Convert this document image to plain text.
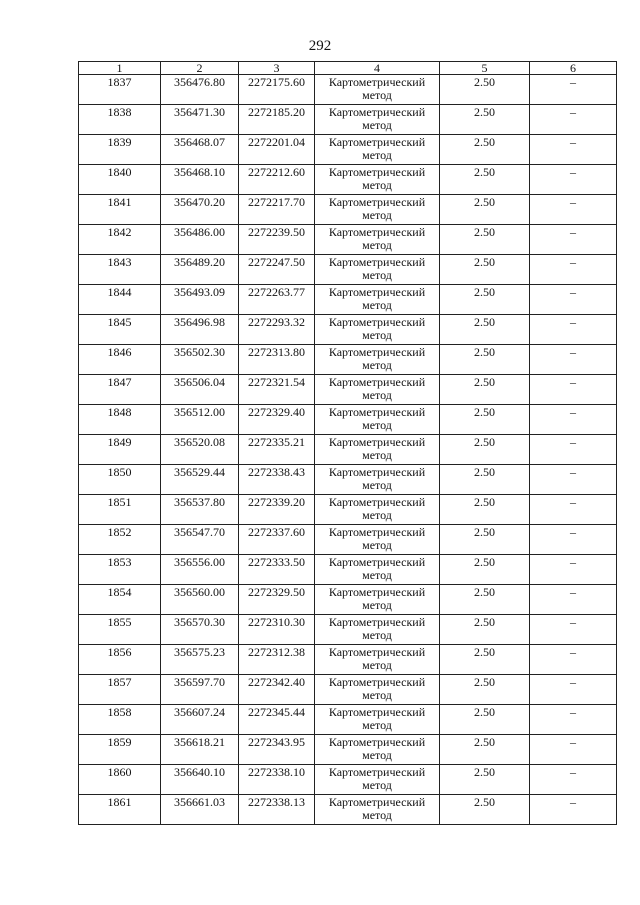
292
1	2	3	4	5	6
1837	356476.80	2272175.60	Картометрический метод	2.50	–
1838	356471.30	2272185.20	Картометрический метод	2.50	–
1839	356468.07	2272201.04	Картометрический метод	2.50	–
1840	356468.10	2272212.60	Картометрический метод	2.50	–
1841	356470.20	2272217.70	Картометрический метод	2.50	–
1842	356486.00	2272239.50	Картометрический метод	2.50	–
1843	356489.20	2272247.50	Картометрический метод	2.50	–
1844	356493.09	2272263.77	Картометрический метод	2.50	–
1845	356496.98	2272293.32	Картометрический метод	2.50	–
1846	356502.30	2272313.80	Картометрический метод	2.50	–
1847	356506.04	2272321.54	Картометрический метод	2.50	–
1848	356512.00	2272329.40	Картометрический метод	2.50	–
1849	356520.08	2272335.21	Картометрический метод	2.50	–
1850	356529.44	2272338.43	Картометрический метод	2.50	–
1851	356537.80	2272339.20	Картометрический метод	2.50	–
1852	356547.70	2272337.60	Картометрический метод	2.50	–
1853	356556.00	2272333.50	Картометрический метод	2.50	–
1854	356560.00	2272329.50	Картометрический метод	2.50	–
1855	356570.30	2272310.30	Картометрический метод	2.50	–
1856	356575.23	2272312.38	Картометрический метод	2.50	–
1857	356597.70	2272342.40	Картометрический метод	2.50	–
1858	356607.24	2272345.44	Картометрический метод	2.50	–
1859	356618.21	2272343.95	Картометрический метод	2.50	–
1860	356640.10	2272338.10	Картометрический метод	2.50	–
1861	356661.03	2272338.13	Картометрический метод	2.50	–
